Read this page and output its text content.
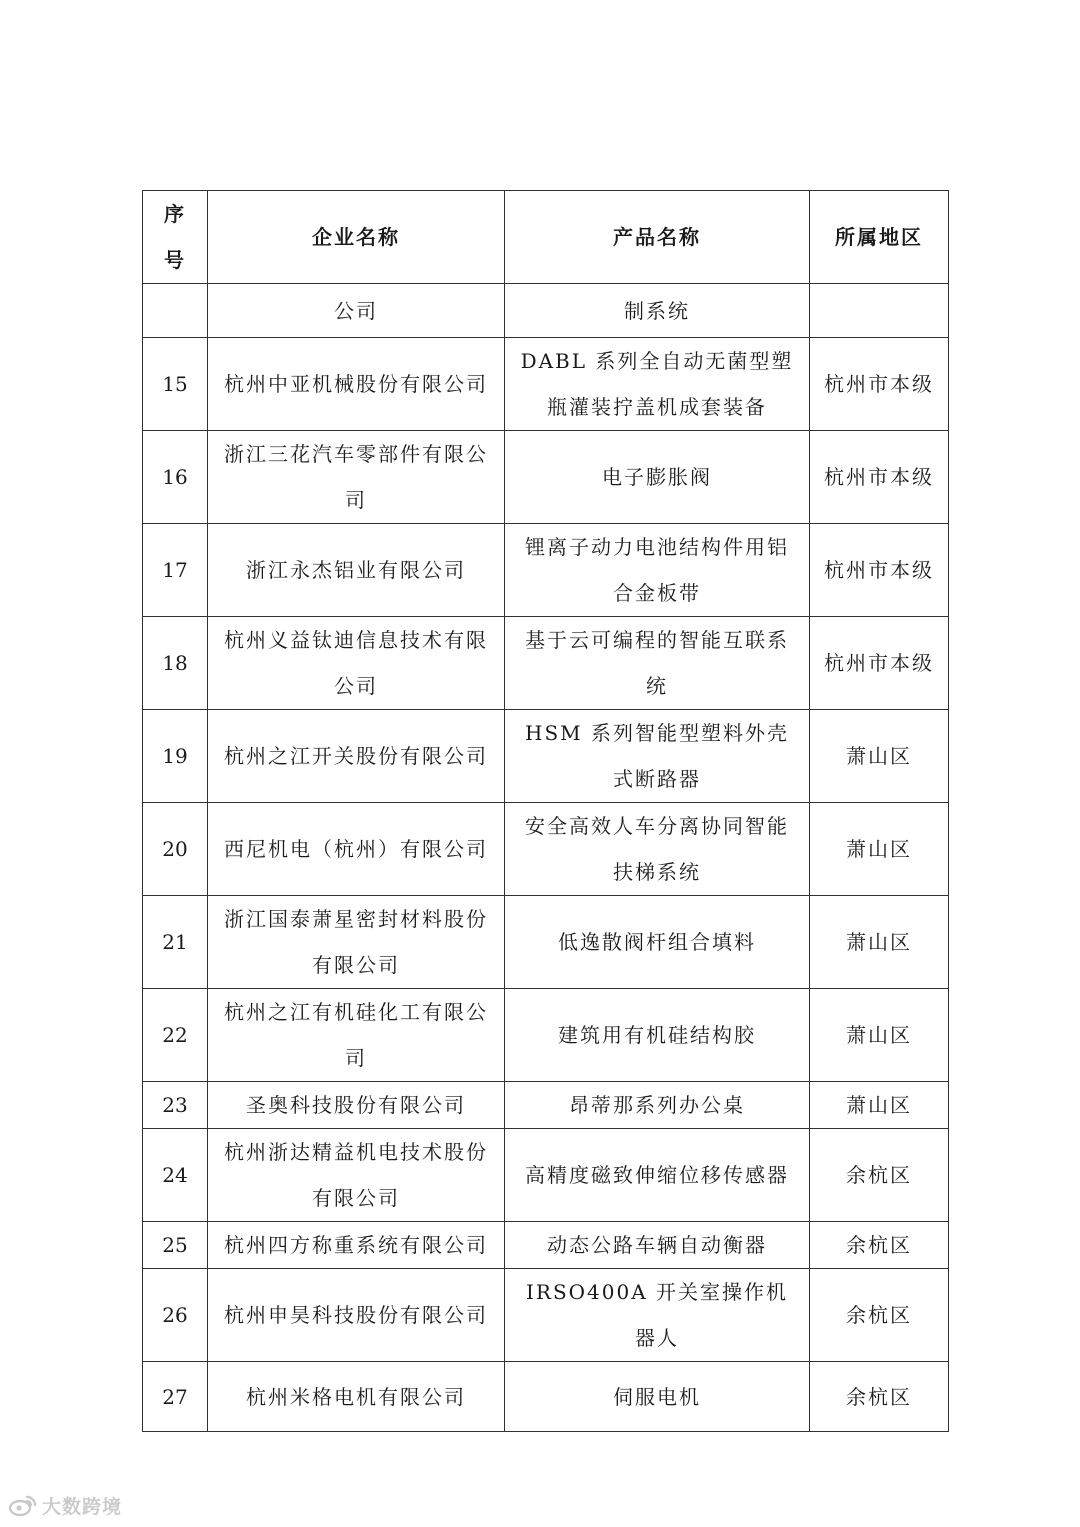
序号	企业名称	产品名称	所属地区
	公司	制系统	
15	杭州中亚机械股份有限公司	DABL 系列全自动无菌型塑瓶灌装拧盖机成套装备	杭州市本级
16	浙江三花汽车零部件有限公司	电子膨胀阀	杭州市本级
17	浙江永杰铝业有限公司	锂离子动力电池结构件用铝合金板带	杭州市本级
18	杭州义益钛迪信息技术有限公司	基于云可编程的智能互联系统	杭州市本级
19	杭州之江开关股份有限公司	HSM 系列智能型塑料外壳式断路器	萧山区
20	西尼机电（杭州）有限公司	安全高效人车分离协同智能扶梯系统	萧山区
21	浙江国泰萧星密封材料股份有限公司	低逸散阀杆组合填料	萧山区
22	杭州之江有机硅化工有限公司	建筑用有机硅结构胶	萧山区
23	圣奥科技股份有限公司	昂蒂那系列办公桌	萧山区
24	杭州浙达精益机电技术股份有限公司	高精度磁致伸缩位移传感器	余杭区
25	杭州四方称重系统有限公司	动态公路车辆自动衡器	余杭区
26	杭州申昊科技股份有限公司	IRSO400A 开关室操作机器人	余杭区
27	杭州米格电机有限公司	伺服电机	余杭区
大数跨境
